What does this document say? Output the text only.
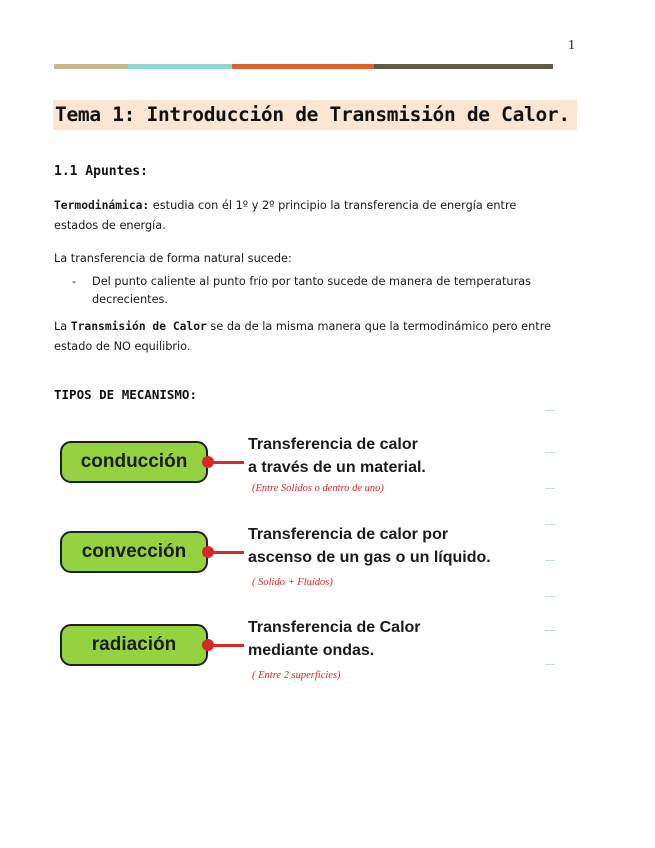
1
Tema 1: Introducción de Transmisión de Calor.
1.1 Apuntes:
Termodinámica: estudia con él 1º y 2º principio la transferencia de energía entre estados de energía.
La transferencia de forma natural sucede:
- Del punto caliente al punto frío por tanto sucede de manera de temperaturas decrecientes.
La Transmisión de Calor se da de la misma manera que la termodinámico pero entre estado de NO equilibrio.
TIPOS DE MECANISMO:
conducción
Transferencia de calor
a través de un material.
(Entre Solidos o dentro de uno)
convección
Transferencia de calor por
ascenso de un gas o un líquido.
( Solido + Fluidos)
radiación
Transferencia de Calor
mediante ondas.
( Entre 2 superficies)
